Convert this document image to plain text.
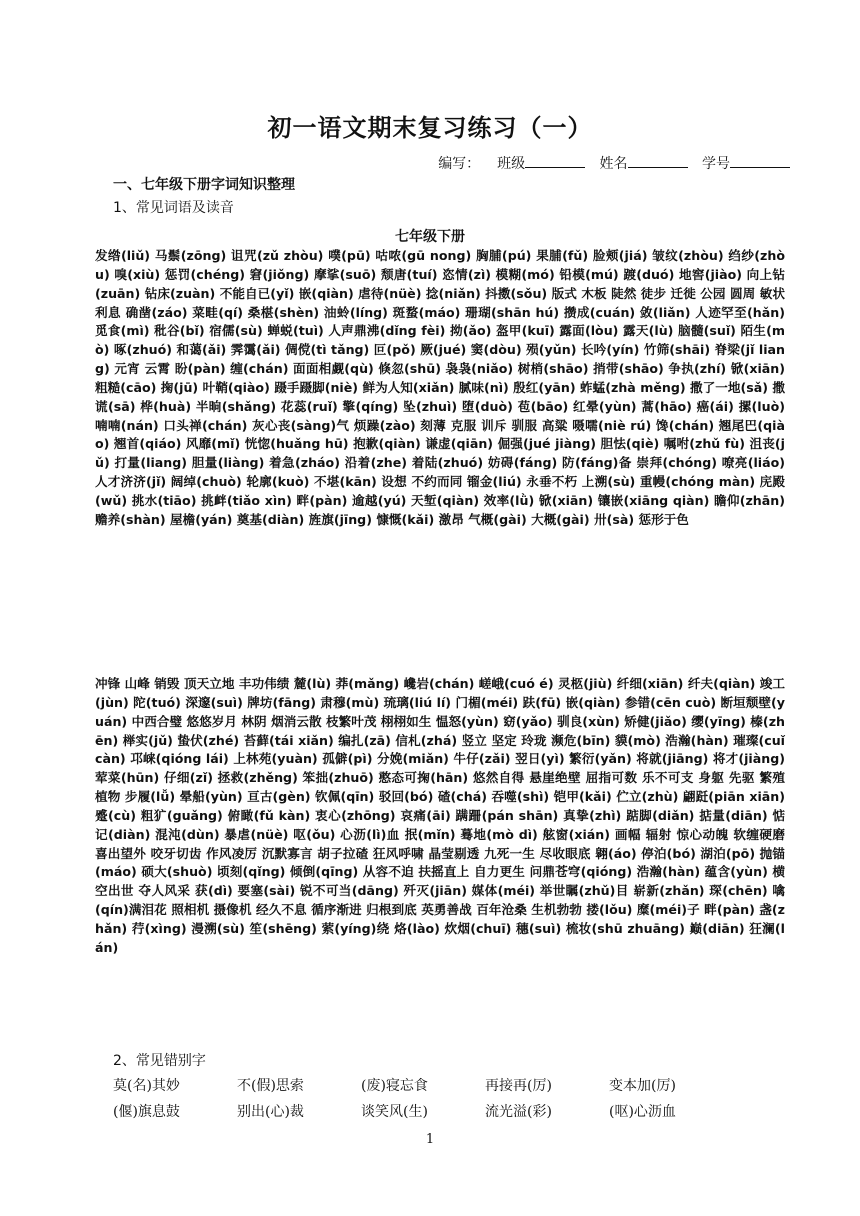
初一语文期末复习练习（一）
编写： 班级	姓名	学号
一、七年级下册字词知识整理
1、常见词语及读音
七年级下册
发绺(liǔ) 马鬃(zōng) 诅咒(zǔ zhòu) 噗(pū) 咕哝(gū nong) 胸脯(pú) 果脯(fǔ) 脸颊(jiá) 皱纹(zhòu) 绉纱(zhòu) 嗅(xiù) 惩罚(chéng) 窘(jiǒng) 摩挲(suō) 颓唐(tuí) 恣情(zì) 模糊(mó) 铅模(mú) 踱(duó) 地窖(jiào) 向上钻(zuān) 钻床(zuàn) 不能自已(yǐ) 嵌(qiàn) 虐待(nüè) 捻(niǎn) 抖擞(sǒu) 版式 木板 陡然 徒步 迁徙 公园 圆周 敏状 利息 确凿(záo) 菜畦(qí) 桑椹(shèn) 油蛉(líng) 斑蝥(máo) 珊瑚(shān hú) 攒成(cuán) 敛(liǎn) 人迹罕至(hǎn) 觅食(mì) 秕谷(bǐ) 宿儒(sù) 蝉蜕(tuì) 人声鼎沸(dǐng fèi) 拗(ǎo) 盔甲(kuī) 露面(lòu) 露天(lù) 脑髓(suǐ) 陌生(mò) 啄(zhuó) 和蔼(ǎi) 霁霭(ǎi) 倜傥(tì tǎng) 叵(pǒ) 厥(jué) 窦(dòu) 殒(yǔn) 长吟(yín) 竹筛(shāi) 脊梁(jǐ liang) 元宵 云霄 盼(pàn) 缠(chán) 面面相觑(qù) 倏忽(shū) 袅袅(niǎo) 树梢(shāo) 捎带(shāo) 争执(zhí) 锨(xiān) 粗糙(cāo) 掬(jū) 叶鞘(qiào) 蹑手蹑脚(niè) 鲜为人知(xiǎn) 腻味(nì) 殷红(yān) 蚱蜢(zhà měng) 撒了一地(sǎ) 撒谎(sā) 桦(huà) 半晌(shǎng) 花蕊(ruǐ) 擎(qíng) 坠(zhuì) 堕(duò) 苞(bāo) 红晕(yùn) 蒿(hāo) 癌(ái) 摞(luò) 喃喃(nán) 口头禅(chán) 灰心丧(sàng)气 烦躁(zào) 刻薄 克服 训斥 驯服 高粱 嗫嚅(niè rú) 馋(chán) 翘尾巴(qiào) 翘首(qiáo) 风靡(mǐ) 恍惚(huǎng hū) 抱歉(qiàn) 谦虚(qiān) 倔强(jué jiàng) 胆怯(qiè) 嘱咐(zhǔ fù) 沮丧(jǔ) 打量(liang) 胆量(liàng) 着急(zháo) 沿着(zhe) 着陆(zhuó) 妨碍(fáng) 防(fáng)备 崇拜(chóng) 嘹亮(liáo) 人才济济(jǐ) 阔绰(chuò) 轮廓(kuò) 不堪(kān) 设想 不约而同 镏金(liú) 永垂不朽 上溯(sù) 重幔(chóng màn) 庑殿(wǔ) 挑水(tiāo) 挑衅(tiǎo xìn) 畔(pàn) 逾越(yú) 天堑(qiàn) 效率(lǜ) 锨(xiān) 镶嵌(xiāng qiàn) 瞻仰(zhān) 赡养(shàn) 屋檐(yán) 奠基(diàn) 旌旗(jīng) 慷慨(kǎi) 激昂 气概(gài) 大概(gài) 卅(sà) 惩形于色
冲锋 山峰 销毁 顶天立地 丰功伟绩 麓(lù) 莽(mǎng) 巉岩(chán) 嵯峨(cuó é) 灵柩(jiù) 纤细(xiān) 纤夫(qiàn) 竣工(jùn) 陀(tuó) 深邃(suì) 牌坊(fāng) 肃穆(mù) 琉璃(liú lí) 门楣(méi) 趺(fū) 嵌(qiàn) 参错(cēn cuò) 断垣颓壁(yuán) 中西合璧 悠悠岁月 林阴 烟消云散 枝繁叶茂 栩栩如生 愠怒(yùn) 窈(yǎo) 驯良(xùn) 矫健(jiǎo) 缨(yīng) 榛(zhēn) 榉实(jǔ) 蛰伏(zhé) 苔藓(tái xiǎn) 编扎(zā) 信札(zhá) 竖立 坚定 玲珑 濒危(bīn) 貘(mò) 浩瀚(hàn) 璀璨(cuǐ càn) 邛崃(qióng lái) 上林苑(yuàn) 孤僻(pì) 分娩(miǎn) 牛仔(zǎi) 翌日(yì) 繁衍(yǎn) 将就(jiāng) 将才(jiàng) 荤菜(hūn) 仔细(zǐ) 拯救(zhěng) 笨拙(zhuō) 憨态可掬(hān) 悠然自得 悬崖绝壁 屈指可数 乐不可支 身躯 先驱 繁殖 植物 步履(lǚ) 晕船(yùn) 亘古(gèn) 钦佩(qīn) 驳回(bó) 碴(chá) 吞噬(shì) 铠甲(kǎi) 伫立(zhù) 翩跹(piān xiān) 蹙(cù) 粗犷(guǎng) 俯瞰(fǔ kàn) 衷心(zhōng) 哀痛(āi) 蹒跚(pán shān) 真挚(zhì) 踮脚(diǎn) 掂量(diān) 惦记(diàn) 混沌(dùn) 暴虐(nüè) 呕(ǒu) 心沥(lì)血 抿(mǐn) 蓦地(mò dì) 舷窗(xián) 画幅 辐射 惊心动魄 软缠硬磨 喜出望外 咬牙切齿 作风凌厉 沉默寡言 胡子拉碴 狂风呼啸 晶莹剔透 九死一生 尽收眼底 翱(áo) 停泊(bó) 湖泊(pō) 抛锚(máo) 硕大(shuò) 顷刻(qǐng) 倾倒(qīng) 从容不迫 扶摇直上 自力更生 问鼎苍穹(qióng) 浩瀚(hàn) 蕴含(yùn) 横空出世 夺人风采 获(dì) 要塞(sài) 锐不可当(dāng) 歼灭(jiān) 媒体(méi) 举世瞩(zhǔ)目 崭新(zhǎn) 琛(chēn) 噙(qín)满泪花 照相机 摄像机 经久不息 循序渐进 归根到底 英勇善战 百年沧桑 生机勃勃 搂(lǒu) 糜(méi)子 畔(pàn) 盏(zhǎn) 荇(xìng) 漫溯(sù) 笙(shēng) 萦(yíng)绕 烙(lào) 炊烟(chuī) 穗(suì) 梳妆(shū zhuāng) 巅(diān) 狂澜(lán)
2、常见错别字
莫(名)其妙	不(假)思索	(废)寝忘食	再接再(厉)	变本加(厉)
(偃)旗息鼓	别出(心)裁	谈笑风(生)	流光溢(彩)	(呕)心沥血
1
